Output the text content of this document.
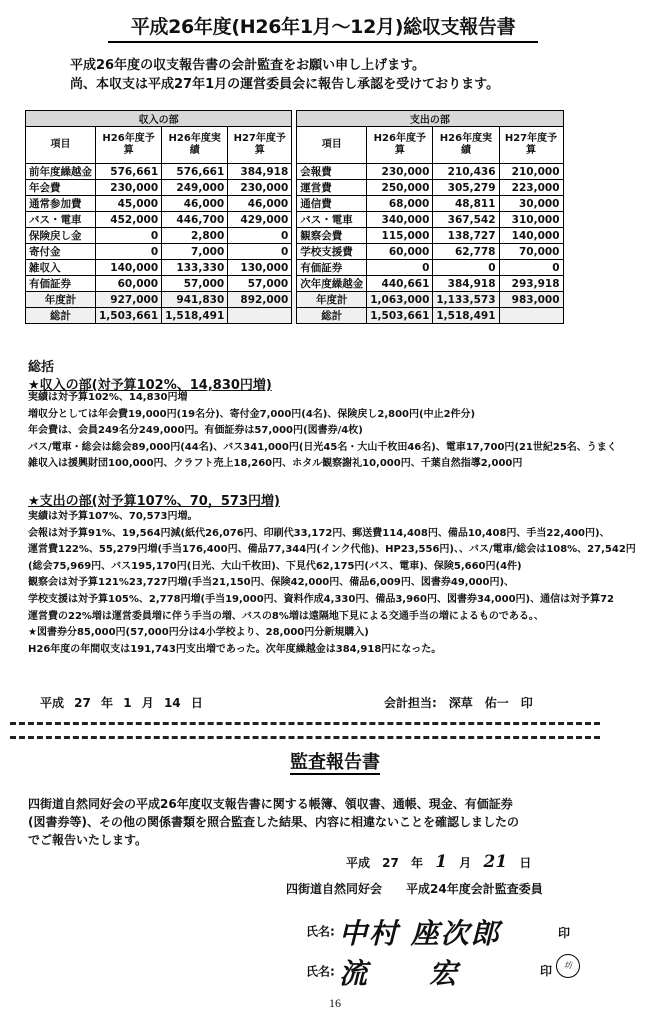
平成26年度(H26年1月～12月)総収支報告書
平成26年度の収支報告書の会計監査をお願い申し上げます。
尚、本収支は平成27年1月の運営委員会に報告し承認を受けております。
収入の部					支出の部			
項目	H26年度予算	H26年度実績	H27年度予算		項目	H26年度予算	H26年度実績	H27年度予算
前年度繰越金	576,661	576,661	384,918		会報費	230,000	210,436	210,000
年会費	230,000	249,000	230,000		運営費	250,000	305,279	223,000
通常参加費	45,000	46,000	46,000		通信費	68,000	48,811	30,000
バス・電車	452,000	446,700	429,000		バス・電車	340,000	367,542	310,000
保険戻し金	0	2,800	0		観察会費	115,000	138,727	140,000
寄付金	0	7,000	0		学校支援費	60,000	62,778	70,000
雑収入	140,000	133,330	130,000		有価証券	0	0	0
有価証券	60,000	57,000	57,000		次年度繰越金	440,661	384,918	293,918
年度計	927,000	941,830	892,000		年度計	1,063,000	1,133,573	983,000
総計	1,503,661	1,518,491			総計	1,503,661	1,518,491	
総括
★収入の部(対予算102%、14,830円増)
実績は対予算102%、14,830円増
増収分としては年会費19,000円(19名分)、寄付金7,000円(4名)、保険戻し2,800円(中止2件分)
年会費は、会員249名分249,000円。有価証券は57,000円(図書券/4枚)
バス/電車・総会は総会89,000円(44名)、バス341,000円(日光45名・大山千枚田46名)、電車17,700円(21世紀25名、うまく
雑収入は援興財団100,000円、クラフト売上18,260円、ホタル観察謝礼10,000円、千葉自然指導2,000円
★支出の部(対予算107%、70，573円増)
実績は対予算107%、70,573円増。
会報は対予算91%、19,564円減(紙代26,076円、印刷代33,172円、郵送費114,408円、備品10,408円、手当22,400円)、
運営費122%、55,279円増(手当176,400円、備品77,344円(インク代他)、HP23,556円)、、バス/電車/総会は108%、27,542円
(総会75,969円、バス195,170円(日光、大山千枚田)、下見代62,175円(バス、電車)、保険5,660円(4件)
観察会は対予算121%23,727円増(手当21,150円、保険42,000円、備品6,009円、図書券49,000円)、
学校支援は対予算105%、2,778円増(手当19,000円、資料作成4,330円、備品3,960円、図書券34,000円)、通信は対予算72
運営費の22%増は運営委員増に伴う手当の増、バスの8%増は遠隔地下見による交通手当の増によるものである。、
★図書券分85,000円(57,000円分は4小学校より、28,000円分新規購入)
H26年度の年間収支は191,743円支出増であった。次年度繰越金は384,918円になった。
平成 27 年 1 月 14 日	会計担当:　深草　佑一　印
監査報告書
四街道自然同好会の平成26年度収支報告書に関する帳簿、領収書、通帳、現金、有価証券
(図書券等)、その他の関係書類を照合監査した結果、内容に相違ないことを確認しましたの
でご報告いたします。
平成 27 年 1 月 21 日
四街道自然同好会　　平成24年度会計監査委員
氏名: 中村 座次郎	印
氏名: 流　　宏	印	坊
16
